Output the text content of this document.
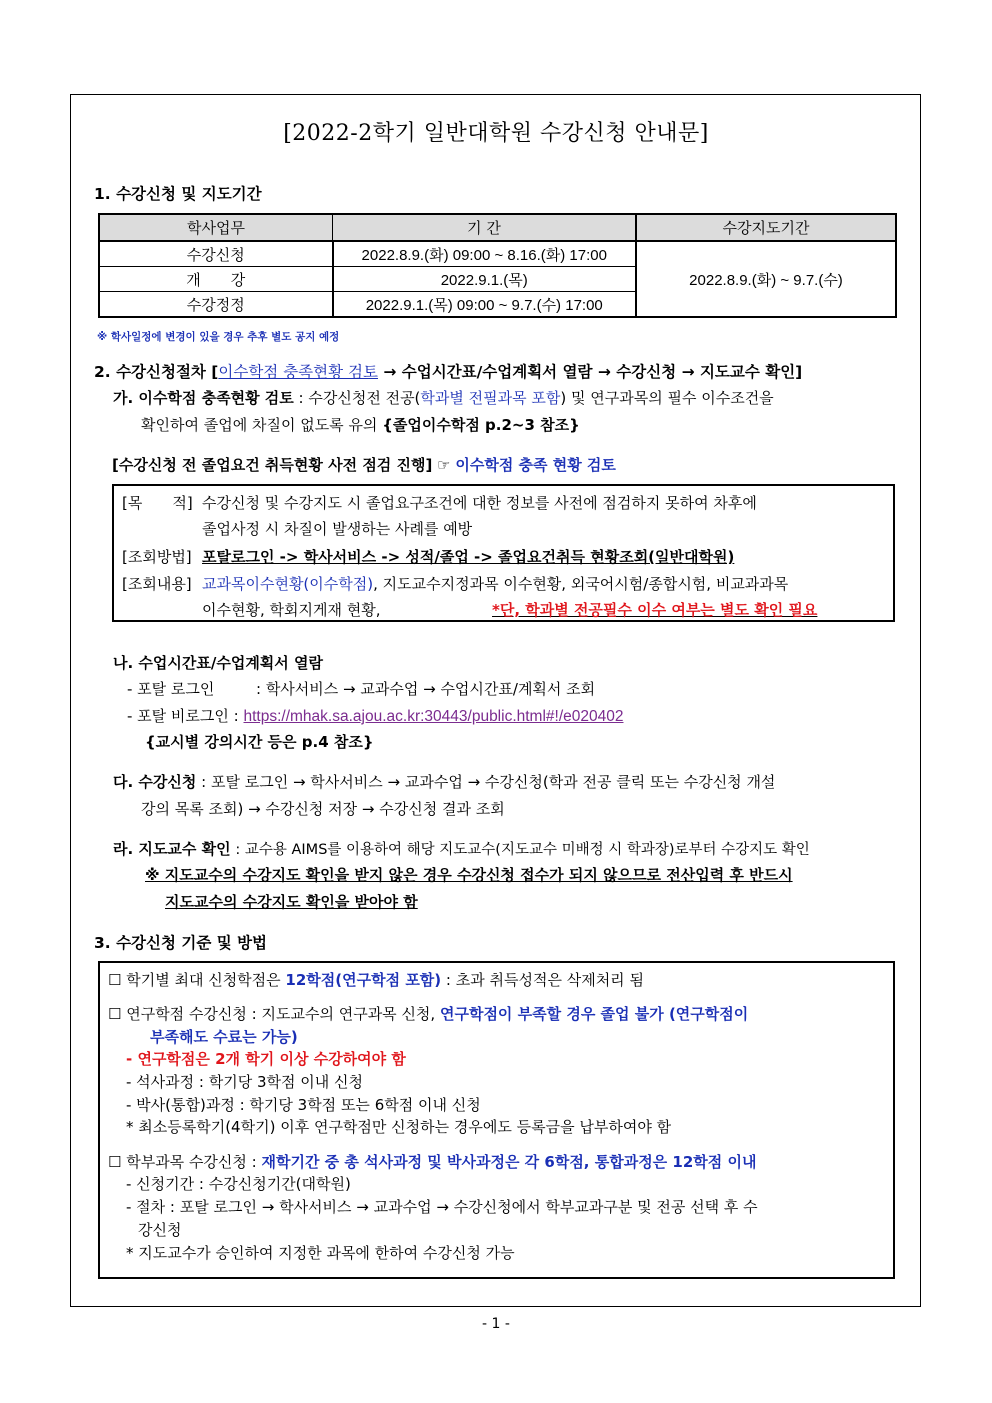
[2022-2학기 일반대학원 수강신청 안내문]
1. 수강신청 및 지도기간
학사업무	기 간	수강지도기간
수강신청	2022.8.9.(화) 09:00 ~ 8.16.(화) 17:00	2022.8.9.(화) ~ 9.7.(수)
개　　강	2022.9.1.(목)	
수강정정	2022.9.1.(목) 09:00 ~ 9.7.(수) 17:00	
※ 학사일정에 변경이 있을 경우 추후 별도 공지 예정
2. 수강신청절차 [이수학점 충족현황 검토 → 수업시간표/수업계획서 열람 → 수강신청 → 지도교수 확인]
가. 이수학점 충족현황 검토 : 수강신청전 전공(학과별 전필과목 포함) 및 연구과목의 필수 이수조건을
확인하여 졸업에 차질이 없도록 유의 {졸업이수학점 p.2~3 참조}
[수강신청 전 졸업요건 취득현황 사전 점검 진행] ☞ 이수학점 충족 현황 검토
[목　　적] 수강신청 및 수강지도 시 졸업요구조건에 대한 정보를 사전에 점검하지 못하여 차후에
졸업사정 시 차질이 발생하는 사례를 예방
[조회방법] 포탈로그인 -> 학사서비스 -> 성적/졸업 -> 졸업요건취득 현황조회(일반대학원)
[조회내용] 교과목이수현황(이수학점), 지도교수지정과목 이수현황, 외국어시험/종합시험, 비교과과목
이수현황, 학회지게재 현황,	*단, 학과별 전공필수 이수 여부는 별도 확인 필요
나. 수업시간표/수업계획서 열람
- 포탈 로그인	: 학사서비스 → 교과수업 → 수업시간표/계획서 조회
- 포탈 비로그인 : https://mhak.sa.ajou.ac.kr:30443/public.html#!/e020402
{교시별 강의시간 등은 p.4 참조}
다. 수강신청 : 포탈 로그인 → 학사서비스 → 교과수업 → 수강신청(학과 전공 클릭 또는 수강신청 개설
강의 목록 조회) → 수강신청 저장 → 수강신청 결과 조회
라. 지도교수 확인 : 교수용 AIMS를 이용하여 해당 지도교수(지도교수 미배정 시 학과장)로부터 수강지도 확인
※ 지도교수의 수강지도 확인을 받지 않은 경우 수강신청 접수가 되지 않으므로 전산입력 후 반드시
지도교수의 수강지도 확인을 받아야 함
3. 수강신청 기준 및 방법
☐ 학기별 최대 신청학점은 12학점(연구학점 포함) : 초과 취득성적은 삭제처리 됨
☐ 연구학점 수강신청 : 지도교수의 연구과목 신청, 연구학점이 부족할 경우 졸업 불가 (연구학점이
부족해도 수료는 가능)
- 연구학점은 2개 학기 이상 수강하여야 함
- 석사과정 : 학기당 3학점 이내 신청
- 박사(통합)과정 : 학기당 3학점 또는 6학점 이내 신청
* 최소등록학기(4학기) 이후 연구학점만 신청하는 경우에도 등록금을 납부하여야 함
☐ 학부과목 수강신청 : 재학기간 중 총 석사과정 및 박사과정은 각 6학점, 통합과정은 12학점 이내
- 신청기간 : 수강신청기간(대학원)
- 절차 : 포탈 로그인 → 학사서비스 → 교과수업 → 수강신청에서 학부교과구분 및 전공 선택 후 수
강신청
* 지도교수가 승인하여 지정한 과목에 한하여 수강신청 가능
- 1 -
